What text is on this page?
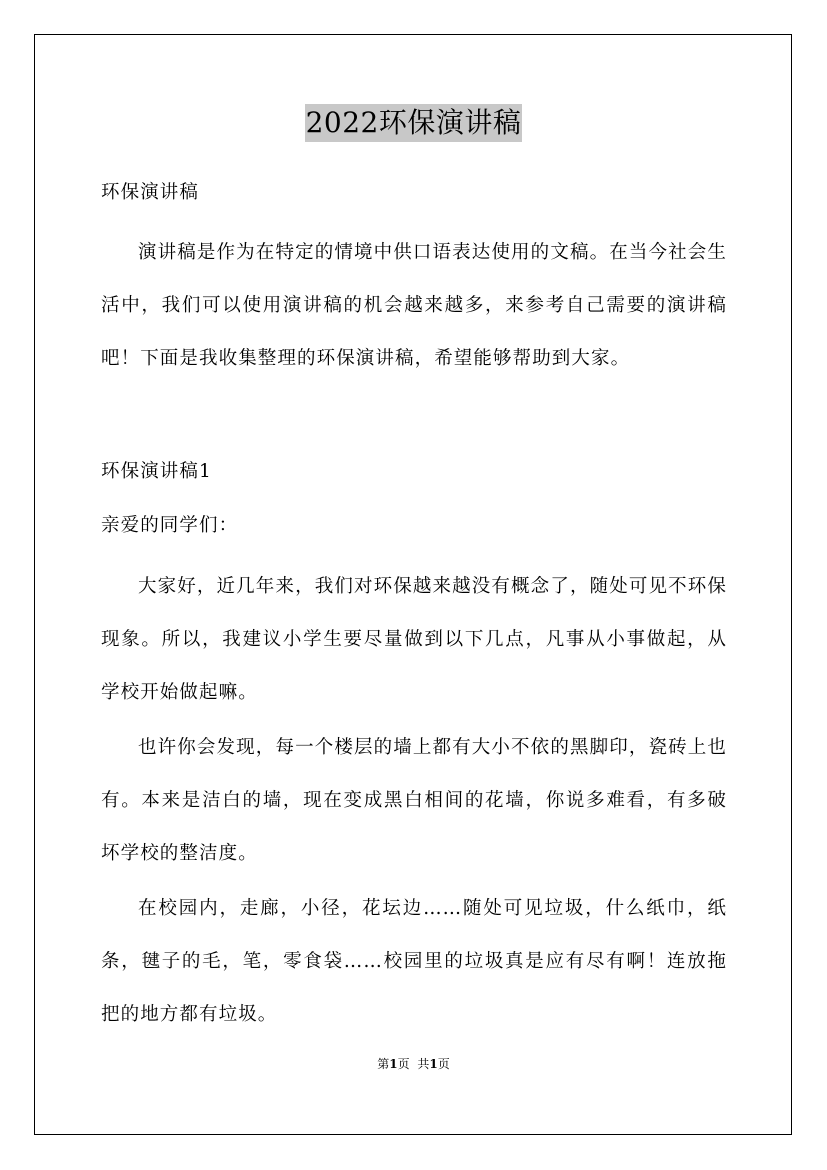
2022环保演讲稿
环保演讲稿
演讲稿是作为在特定的情境中供口语表达使用的文稿。在当今社会生活中，我们可以使用演讲稿的机会越来越多，来参考自己需要的演讲稿吧！下面是我收集整理的环保演讲稿，希望能够帮助到大家。
环保演讲稿1
亲爱的同学们：
大家好，近几年来，我们对环保越来越没有概念了，随处可见不环保现象。所以，我建议小学生要尽量做到以下几点，凡事从小事做起，从学校开始做起嘛。
也许你会发现，每一个楼层的墙上都有大小不依的黑脚印，瓷砖上也有。本来是洁白的墙，现在变成黑白相间的花墙，你说多难看，有多破坏学校的整洁度。
在校园内，走廊，小径，花坛边……随处可见垃圾，什么纸巾，纸条，毽子的毛，笔，零食袋……校园里的垃圾真是应有尽有啊！连放拖把的地方都有垃圾。
第1页 共1页
